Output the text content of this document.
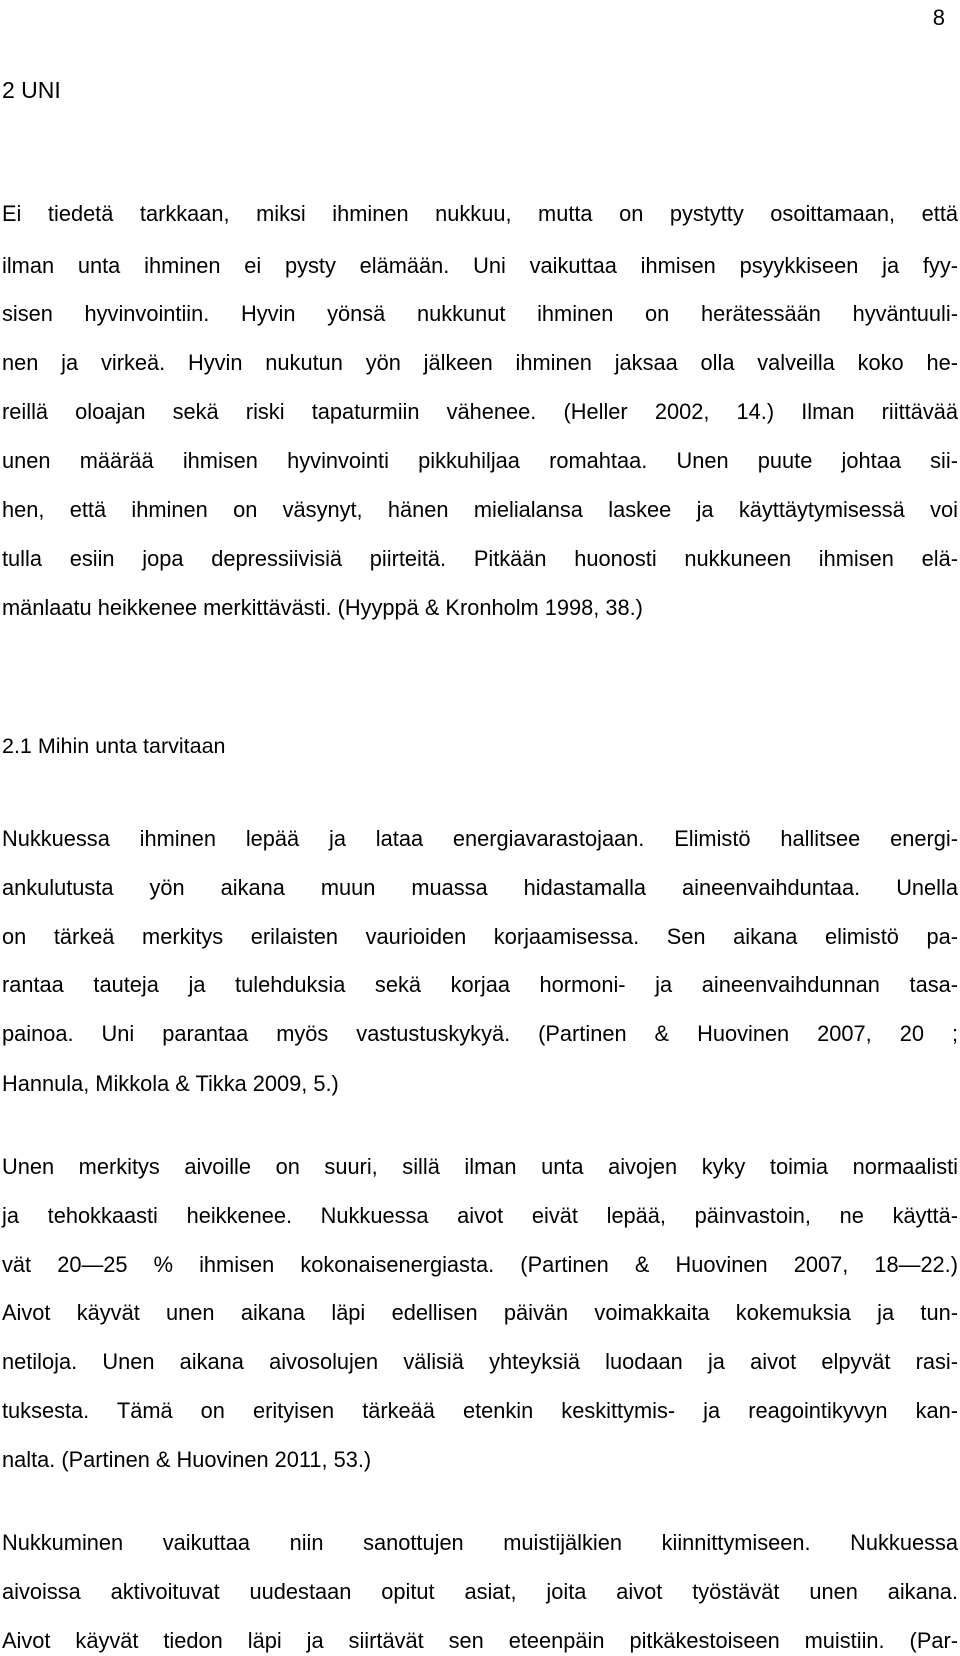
8
2 UNI
Ei tiedetä tarkkaan, miksi ihminen nukkuu, mutta on pystytty osoittamaan, että
ilman unta ihminen ei pysty elämään. Uni vaikuttaa ihmisen psyykkiseen ja fyy-
sisen hyvinvointiin. Hyvin yönsä nukkunut ihminen on herätessään hyväntuuli-
nen ja virkeä. Hyvin nukutun yön jälkeen ihminen jaksaa olla valveilla koko he-
reillä oloajan sekä riski tapaturmiin vähenee. (Heller 2002, 14.) Ilman riittävää
unen määrää ihmisen hyvinvointi pikkuhiljaa romahtaa. Unen puute johtaa sii-
hen, että ihminen on väsynyt, hänen mielialansa laskee ja käyttäytymisessä voi
tulla esiin jopa depressiivisiä piirteitä. Pitkään huonosti nukkuneen ihmisen elä-
mänlaatu heikkenee merkittävästi. (Hyyppä & Kronholm 1998, 38.)
2.1 Mihin unta tarvitaan
Nukkuessa ihminen lepää ja lataa energiavarastojaan. Elimistö hallitsee energi-
ankulutusta yön aikana muun muassa hidastamalla aineenvaihduntaa. Unella
on tärkeä merkitys erilaisten vaurioiden korjaamisessa. Sen aikana elimistö pa-
rantaa tauteja ja tulehduksia sekä korjaa hormoni- ja aineenvaihdunnan tasa-
painoa. Uni parantaa myös vastustuskykyä. (Partinen & Huovinen 2007, 20 ;
Hannula, Mikkola & Tikka 2009, 5.)
Unen merkitys aivoille on suuri, sillä ilman unta aivojen kyky toimia normaalisti
ja tehokkaasti heikkenee. Nukkuessa aivot eivät lepää, päinvastoin, ne käyttä-
vät 20—25 % ihmisen kokonaisenergiasta. (Partinen & Huovinen 2007, 18—22.)
Aivot käyvät unen aikana läpi edellisen päivän voimakkaita kokemuksia ja tun-
netiloja. Unen aikana aivosolujen välisiä yhteyksiä luodaan ja aivot elpyvät rasi-
tuksesta. Tämä on erityisen tärkeää etenkin keskittymis- ja reagointikyvyn kan-
nalta. (Partinen & Huovinen 2011, 53.)
Nukkuminen vaikuttaa niin sanottujen muistijälkien kiinnittymiseen. Nukkuessa
aivoissa aktivoituvat uudestaan opitut asiat, joita aivot työstävät unen aikana.
Aivot käyvät tiedon läpi ja siirtävät sen eteenpäin pitkäkestoiseen muistiin. (Par-
